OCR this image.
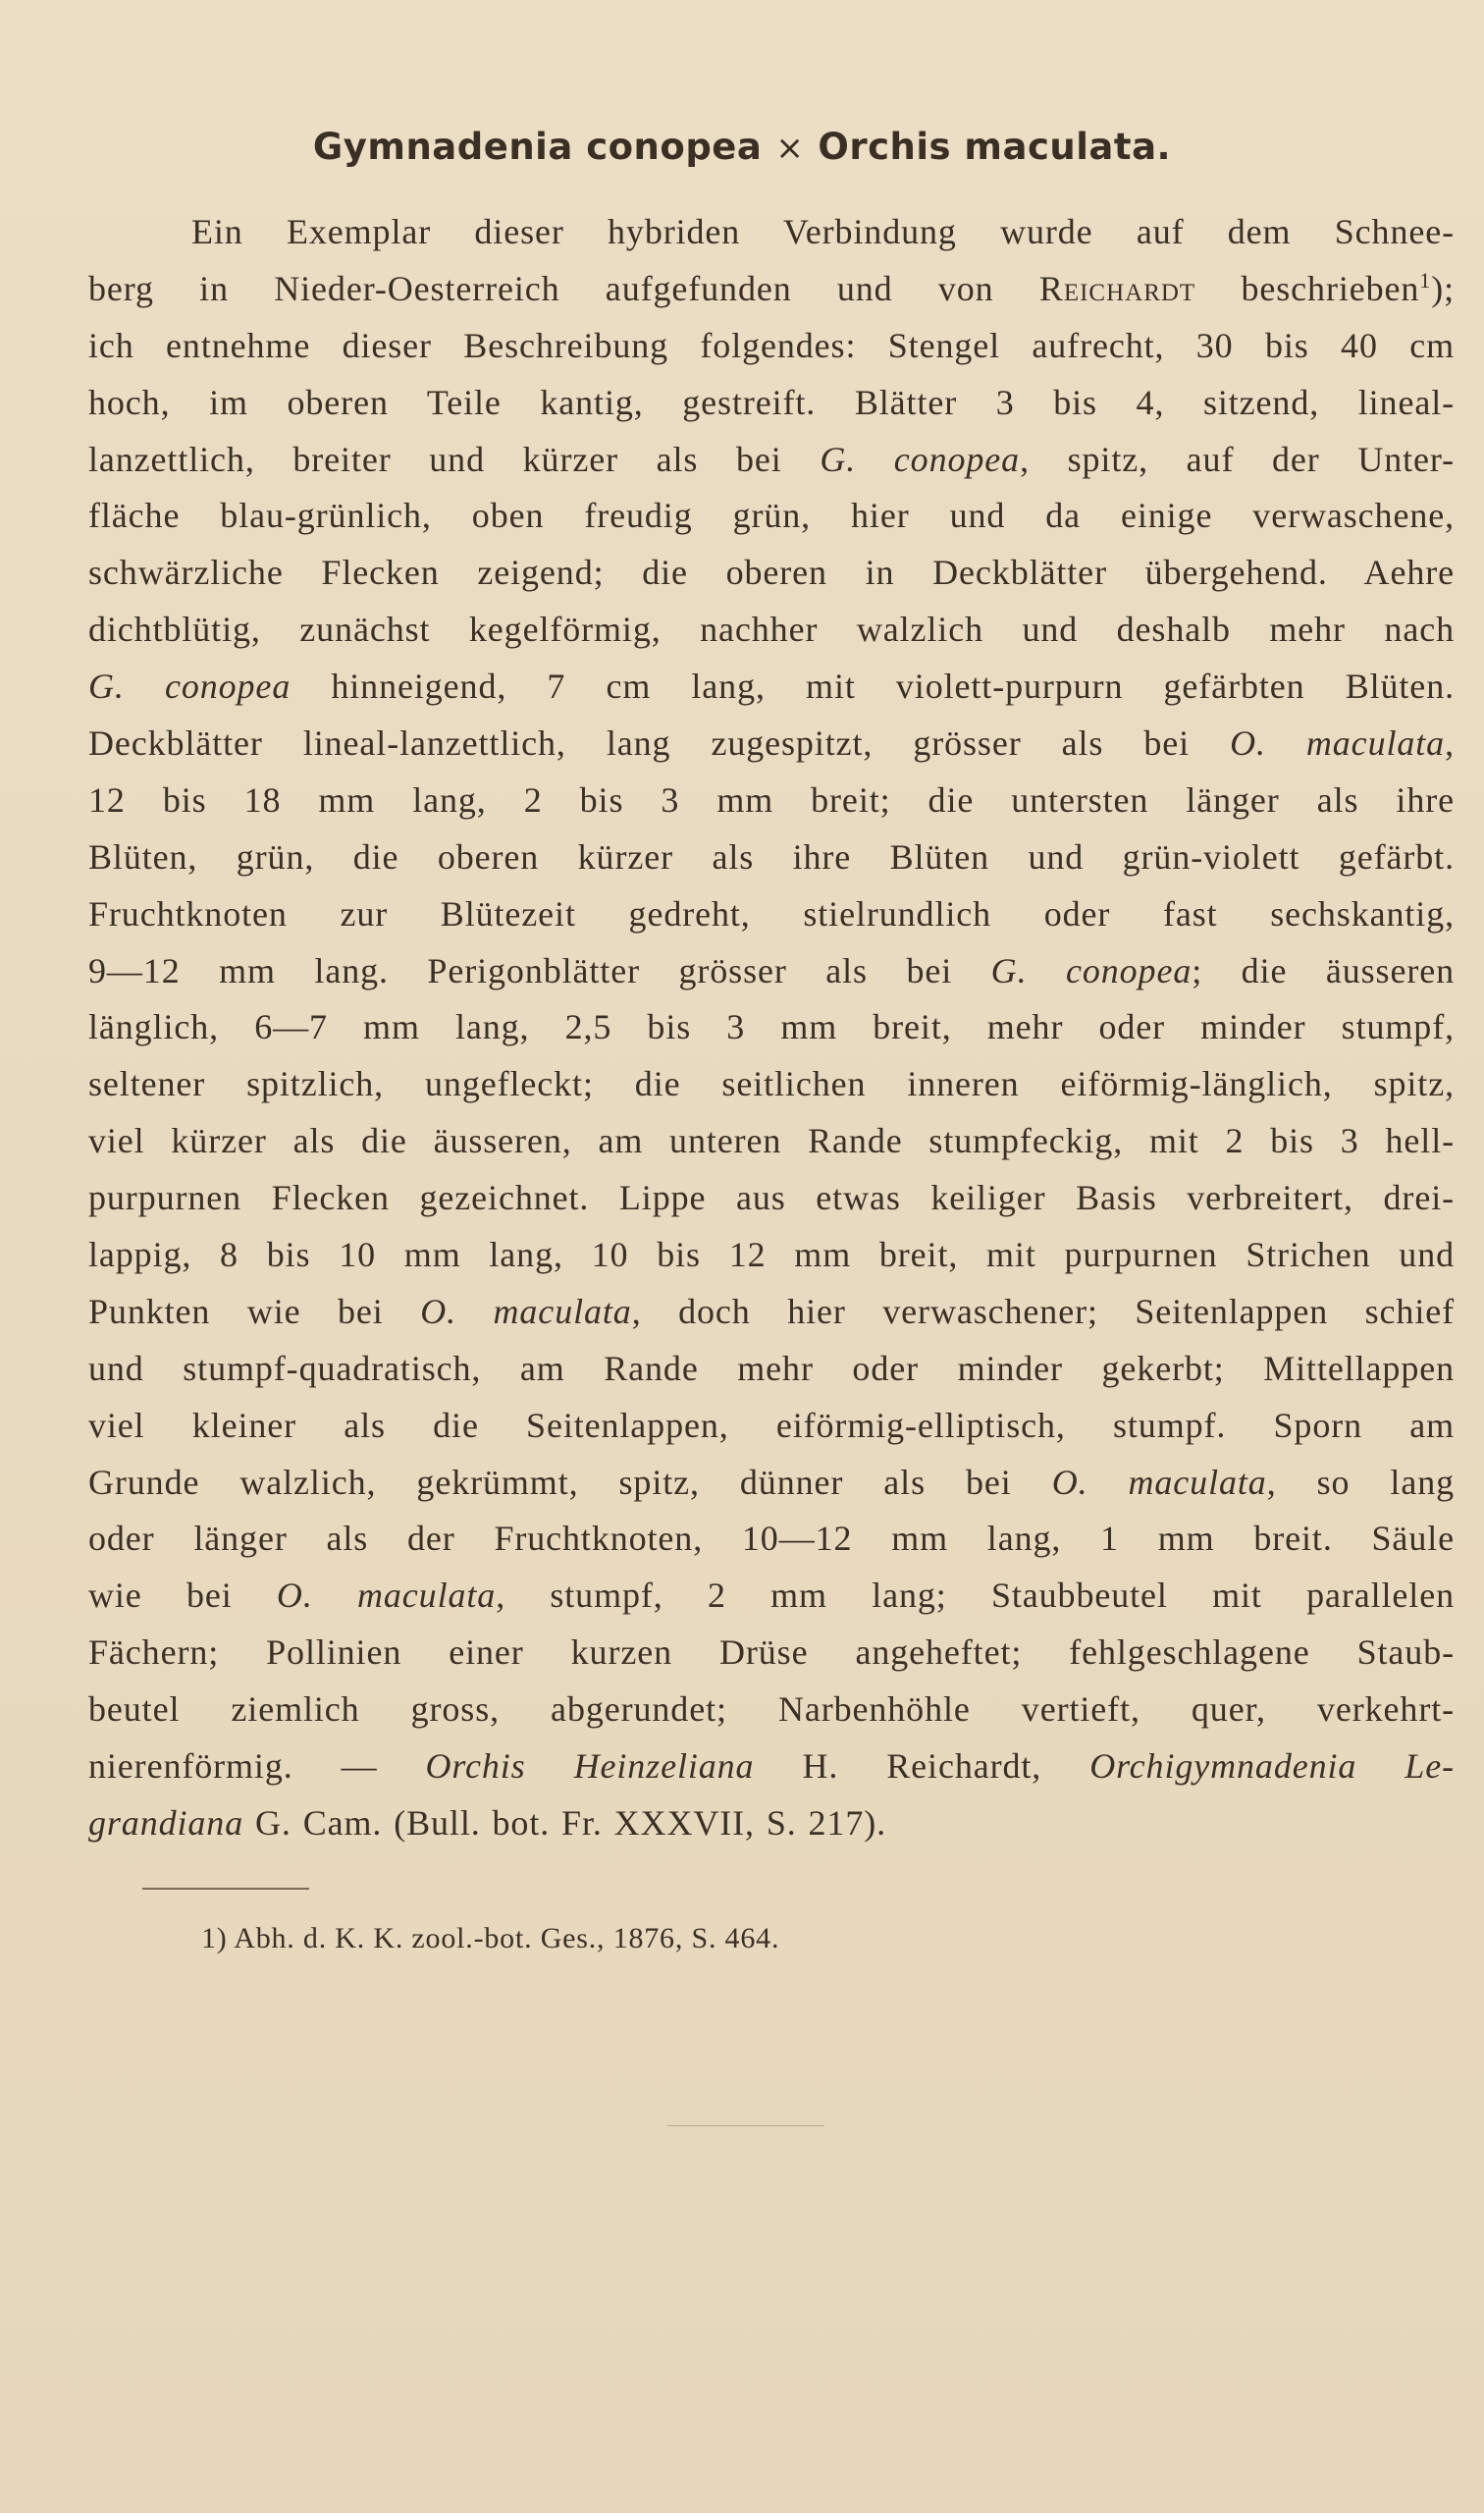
Gymnadenia conopea × Orchis maculata.
Ein Exemplar dieser hybriden Verbindung wurde auf dem Schnee-
berg in Nieder-Oesterreich aufgefunden und von Reichardt beschrieben$^1$);
ich entnehme dieser Beschreibung folgendes: Stengel aufrecht, 30 bis 40 cm
hoch, im oberen Teile kantig, gestreift. Blätter 3 bis 4, sitzend, lineal-
lanzettlich, breiter und kürzer als bei G. conopea, spitz, auf der Unter-
fläche blau-grünlich, oben freudig grün, hier und da einige verwaschene,
schwärzliche Flecken zeigend; die oberen in Deckblätter übergehend. Aehre
dichtblütig, zunächst kegelförmig, nachher walzlich und deshalb mehr nach
G. conopea hinneigend, 7 cm lang, mit violett-purpurn gefärbten Blüten.
Deckblätter lineal-lanzettlich, lang zugespitzt, grösser als bei O. maculata,
12 bis 18 mm lang, 2 bis 3 mm breit; die untersten länger als ihre
Blüten, grün, die oberen kürzer als ihre Blüten und grün-violett gefärbt.
Fruchtknoten zur Blütezeit gedreht, stielrundlich oder fast sechskantig,
9—12 mm lang. Perigonblätter grösser als bei G. conopea; die äusseren
länglich, 6—7 mm lang, 2,5 bis 3 mm breit, mehr oder minder stumpf,
seltener spitzlich, ungefleckt; die seitlichen inneren eiförmig-länglich, spitz,
viel kürzer als die äusseren, am unteren Rande stumpfeckig, mit 2 bis 3 hell-
purpurnen Flecken gezeichnet. Lippe aus etwas keiliger Basis verbreitert, drei-
lappig, 8 bis 10 mm lang, 10 bis 12 mm breit, mit purpurnen Strichen und
Punkten wie bei O. maculata, doch hier verwaschener; Seitenlappen schief
und stumpf-quadratisch, am Rande mehr oder minder gekerbt; Mittellappen
viel kleiner als die Seitenlappen, eiförmig-elliptisch, stumpf. Sporn am
Grunde walzlich, gekrümmt, spitz, dünner als bei O. maculata, so lang
oder länger als der Fruchtknoten, 10—12 mm lang, 1 mm breit. Säule
wie bei O. maculata, stumpf, 2 mm lang; Staubbeutel mit parallelen
Fächern; Pollinien einer kurzen Drüse angeheftet; fehlgeschlagene Staub-
beutel ziemlich gross, abgerundet; Narbenhöhle vertieft, quer, verkehrt-
nierenförmig. — Orchis Heinzeliana H. Reichardt, Orchigymnadenia Le-
grandiana G. Cam. (Bull. bot. Fr. XXXVII, S. 217).
1) Abh. d. K. K. zool.-bot. Ges., 1876, S. 464.
